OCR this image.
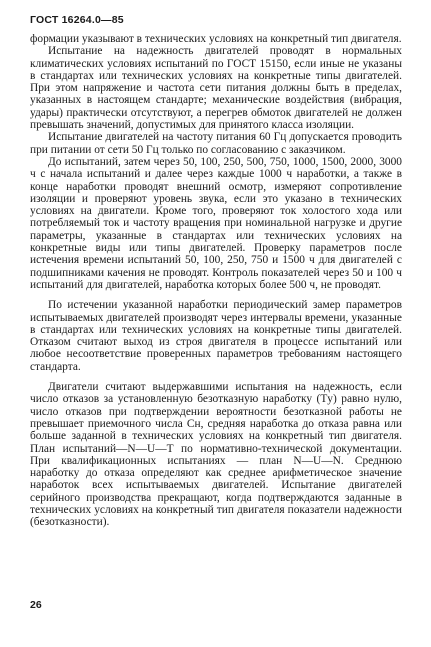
ГОСТ 16264.0—85

формации указывают в технических условиях на конкретный тип двигателя.

Испытание на надежность двигателей проводят в нормальных климатических условиях испытаний по ГОСТ 15150, если иные не указаны в стандартах или технических условиях на конкретные типы двигателей. При этом напряжение и частота сети питания должны быть в пределах, указанных в настоящем стандарте; механические воздействия (вибрация, удары) практически отсутствуют, а перегрев обмоток двигателей не должен превышать значений, допустимых для принятого класса изоляции.

Испытание двигателей на частоту питания 60 Гц допускается проводить при питании от сети 50 Гц только по согласованию с заказчиком.

До испытаний, затем через 50, 100, 250, 500, 750, 1000, 1500, 2000, 3000 ч с начала испытаний и далее через каждые 1000 ч наработки, а также в конце наработки проводят внешний осмотр, измеряют сопротивление изоляции и проверяют уровень звука, если это указано в технических условиях на двигатели. Кроме того, проверяют ток холостого хода или потребляемый ток и частоту вращения при номинальной нагрузке и другие параметры, указанные в стандартах или технических условиях на конкретные виды или типы двигателей. Проверку параметров после истечения времени испытаний 50, 100, 250, 750 и 1500 ч для двигателей с подшипниками качения не проводят. Контроль показателей через 50 и 100 ч испытаний для двигателей, наработка которых более 500 ч, не проводят.

По истечении указанной наработки периодический замер параметров испытываемых двигателей производят через интервалы времени, указанные в стандартах или технических условиях на конкретные типы двигателей. Отказом считают выход из строя двигателя в процессе испытаний или любое несоответствие проверенных параметров требованиям настоящего стандарта.

Двигатели считают выдержавшими испытания на надежность, если число отказов за установленную безотказную наработку (Tу) равно нулю, число отказов при подтверждении вероятности безотказной работы не превышает приемочного числа Cн, средняя наработка до отказа равна или больше заданной в технических условиях на конкретный тип двигателя. План испытаний—N—U—T по нормативно-технической документации. При квалификационных испытаниях — план N—U—N. Среднюю наработку до отказа определяют как среднее арифметическое значение наработок всех испытываемых двигателей. Испытание двигателей серийного производства прекращают, когда подтверждаются заданные в технических условиях на конкретный тип двигателя показатели надежности (безотказности).

26
